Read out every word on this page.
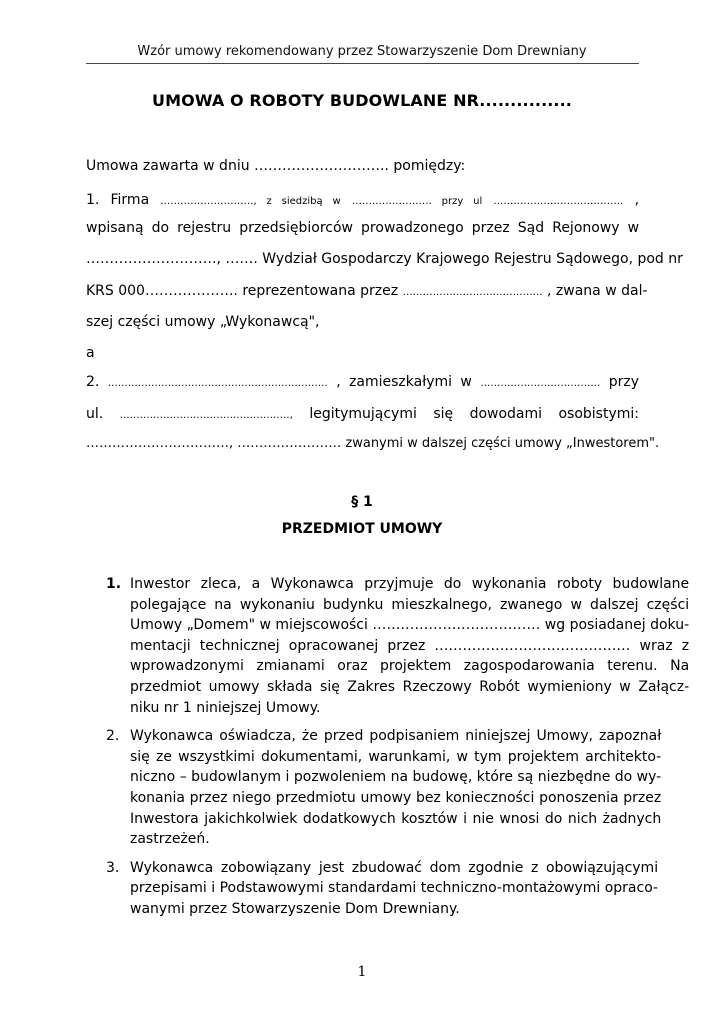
Wzór umowy rekomendowany przez Stowarzyszenie Dom Drewniany
UMOWA O ROBOTY BUDOWLANE NR...............
Umowa zawarta w dniu ……………………….. pomiędzy:
1. Firma ………………………., z siedzibą w …………………… przy ul ………………………………… ,
wpisaną do rejestru przedsiębiorców prowadzonego przez Sąd Rejonowy w
………………………., ……. Wydział Gospodarczy Krajowego Rejestru Sądowego, pod nr
KRS 000……………….. reprezentowana przez …………………………………… , zwana w dal-
szej części umowy „Wykonawcą",
a
2. ………………………………………………………… , zamieszkałymi w ……………………………… przy
ul. ……………………………………………, legitymującymi się dowodami osobistymi:
……………………………, …………………… zwanymi w dalszej części umowy „Inwestorem".
§ 1
PRZEDMIOT UMOWY
1. Inwestor zleca, a Wykonawca przyjmuje do wykonania roboty budowlane
polegające na wykonaniu budynku mieszkalnego, zwanego w dalszej części
Umowy „Domem" w miejscowości ……………………………… wg posiadanej doku-
mentacji technicznej opracowanej przez …………………………………… wraz z
wprowadzonymi zmianami oraz projektem zagospodarowania terenu. Na
przedmiot umowy składa się Zakres Rzeczowy Robót wymieniony w Załącz-
niku nr 1 niniejszej Umowy.
2. Wykonawca oświadcza, że przed podpisaniem niniejszej Umowy, zapoznał
się ze wszystkimi dokumentami, warunkami, w tym projektem architekto-
niczno – budowlanym i pozwoleniem na budowę, które są niezbędne do wy-
konania przez niego przedmiotu umowy bez konieczności ponoszenia przez
Inwestora jakichkolwiek dodatkowych kosztów i nie wnosi do nich żadnych
zastrzeżeń.
3. Wykonawca zobowiązany jest zbudować dom zgodnie z obowiązującymi
przepisami i Podstawowymi standardami techniczno-montażowymi opraco-
wanymi przez Stowarzyszenie Dom Drewniany.
1
